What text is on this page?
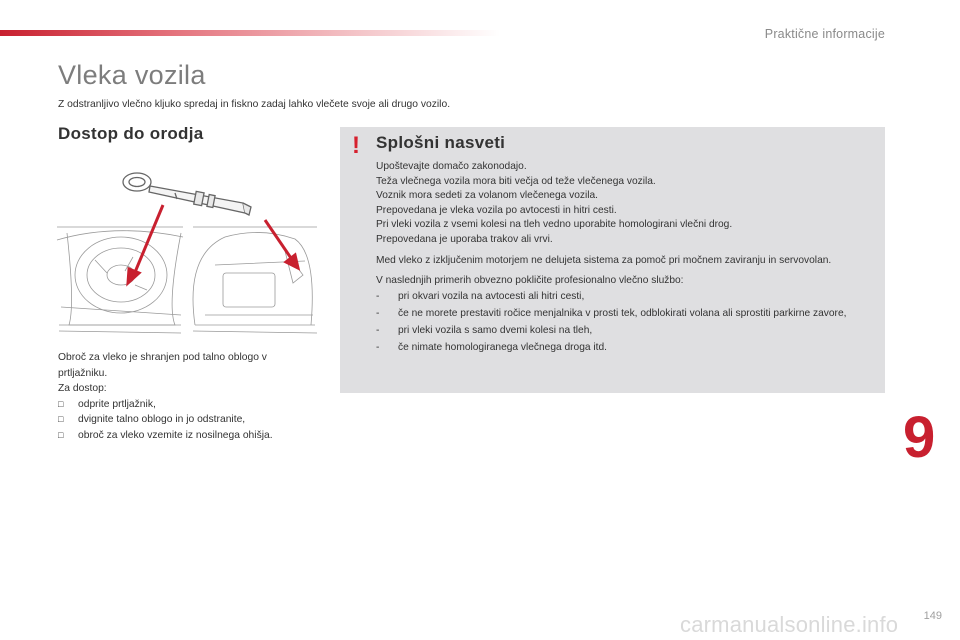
Praktične informacije
Vleka vozila
Z odstranljivo vlečno kljuko spredaj in fiskno zadaj lahko vlečete svoje ali drugo vozilo.
Dostop do orodja

Obroč za vleko je shranjen pod talno oblogo v

prtljažniku.

Za dostop:

□ odprite prtljažnik,
□ dvignite talno oblogo in jo odstranite,
□ obroč za vleko vzemite iz nosilnega ohišja.
! Splošni nasveti

Upoštevajte domačo zakonodajo.

Teža vlečnega vozila mora biti večja od teže vlečenega vozila.

Voznik mora sedeti za volanom vlečenega vozila.

Prepovedana je vleka vozila po avtocesti in hitri cesti.

Pri vleki vozila z vsemi kolesi na tleh vedno uporabite homologirani vlečni drog.

Prepovedana je uporaba trakov ali vrvi.

Med vleko z izključenim motorjem ne delujeta sistema za pomoč pri močnem zaviranju in servovolan.

V naslednjih primerih obvezno pokličite profesionalno vlečno službo:

- pri okvari vozila na avtocesti ali hitri cesti,
- če ne morete prestaviti ročice menjalnika v prosti tek, odblokirati volana ali sprostiti parkirne zavore,
- pri vleki vozila s samo dvemi kolesi na tleh,
- če nimate homologiranega vlečnega droga itd.
9
carmanualsonline.info 149
